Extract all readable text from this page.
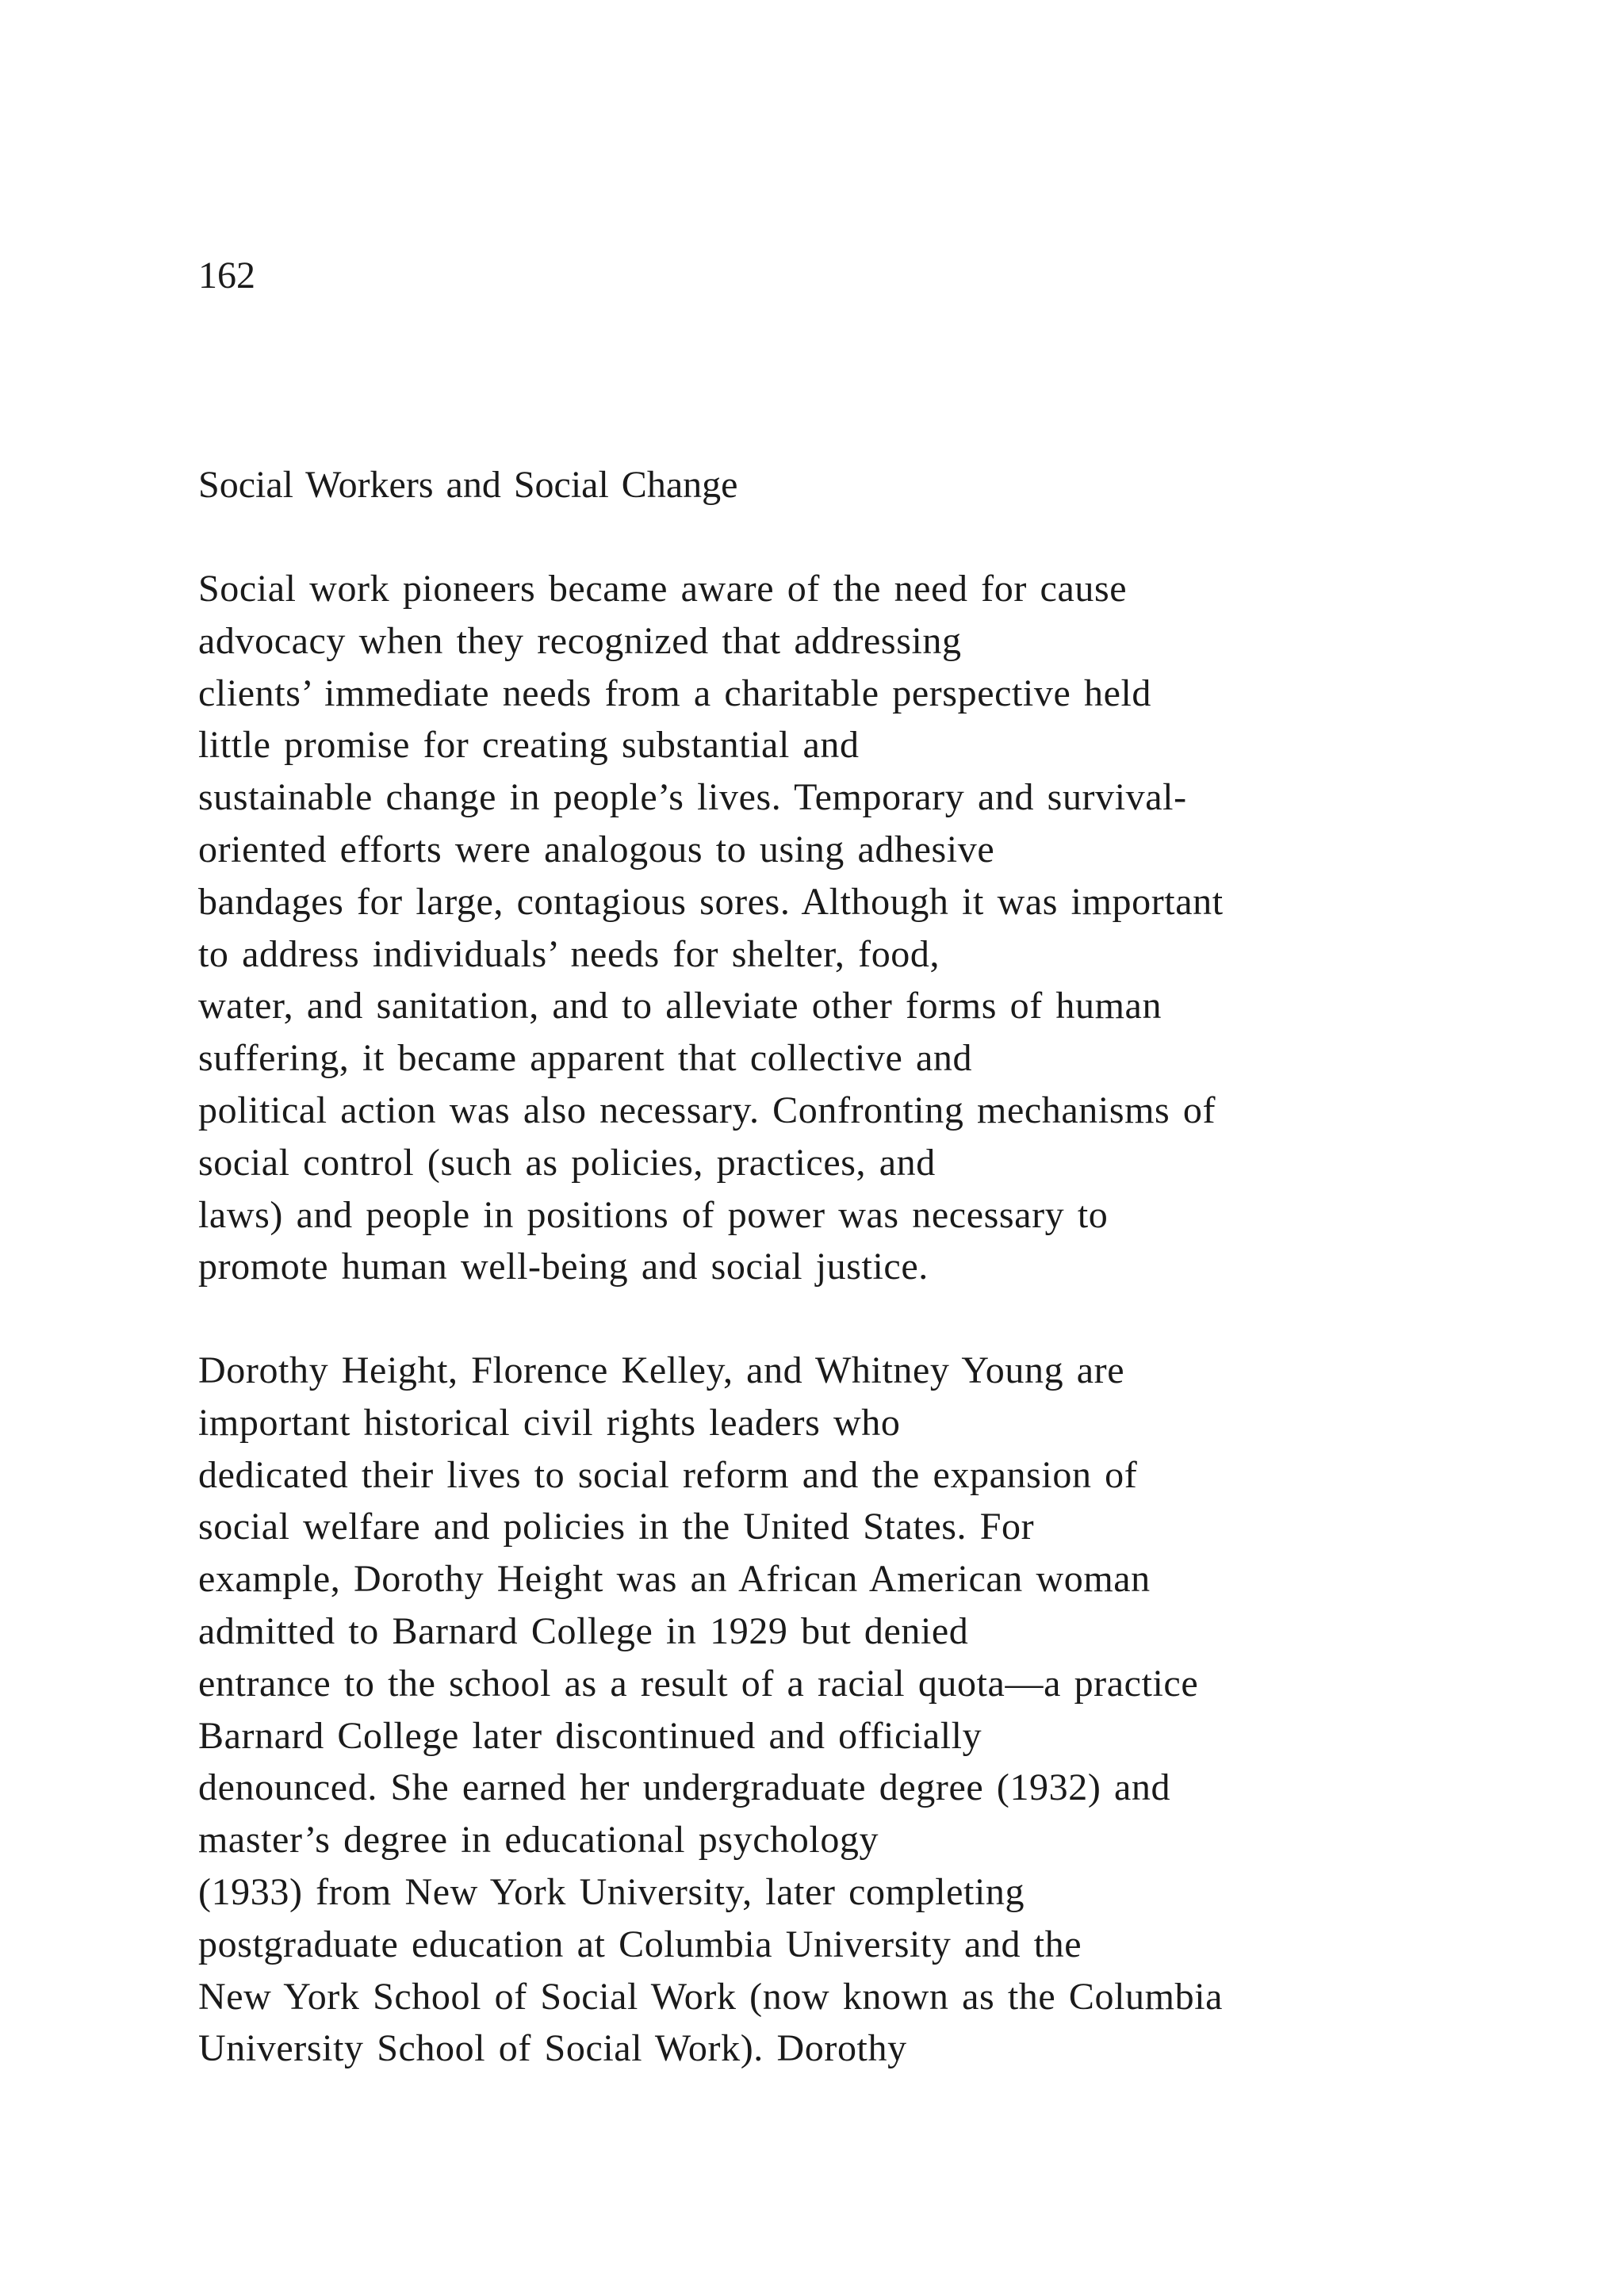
162

Social Workers and Social Change
Social work pioneers became aware of the need for cause
advocacy when they recognized that addressing
clients’ immediate needs from a charitable perspective held
little promise for creating substantial and
sustainable change in people’s lives. Temporary and survival-
oriented efforts were analogous to using adhesive
bandages for large, contagious sores. Although it was important
to address individuals’ needs for shelter, food,
water, and sanitation, and to alleviate other forms of human
suffering, it became apparent that collective and
political action was also necessary. Confronting mechanisms of
social control (such as policies, practices, and
laws) and people in positions of power was necessary to
promote human well-being and social justice.
Dorothy Height, Florence Kelley, and Whitney Young are
important historical civil rights leaders who
dedicated their lives to social reform and the expansion of
social welfare and policies in the United States. For
example, Dorothy Height was an African American woman
admitted to Barnard College in 1929 but denied
entrance to the school as a result of a racial quota—a practice
Barnard College later discontinued and officially
denounced. She earned her undergraduate degree (1932) and
master’s degree in educational psychology
(1933) from New York University, later completing
postgraduate education at Columbia University and the
New York School of Social Work (now known as the Columbia
University School of Social Work). Dorothy
